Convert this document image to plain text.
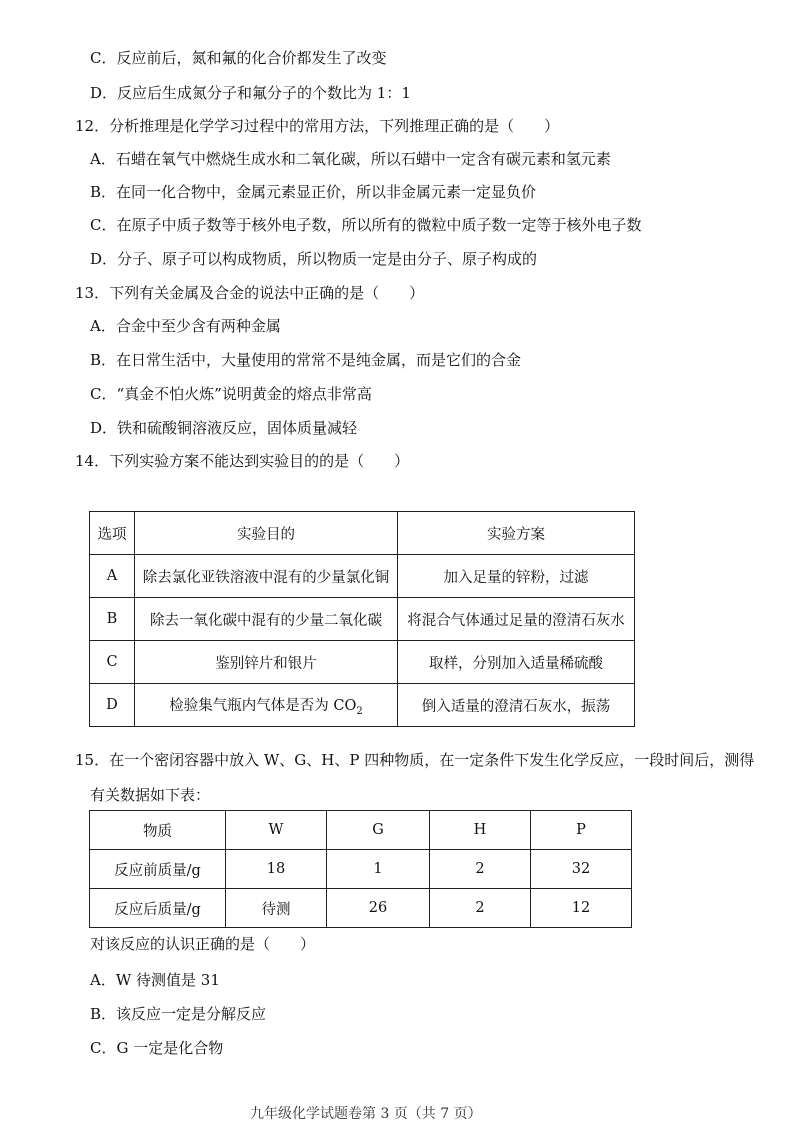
C．反应前后，氮和氟的化合价都发生了改变
D．反应后生成氮分子和氟分子的个数比为 1：1
12．分析推理是化学学习过程中的常用方法，下列推理正确的是（　　）
A．石蜡在氧气中燃烧生成水和二氧化碳，所以石蜡中一定含有碳元素和氢元素
B．在同一化合物中，金属元素显正价，所以非金属元素一定显负价
C．在原子中质子数等于核外电子数，所以所有的微粒中质子数一定等于核外电子数
D．分子、原子可以构成物质，所以物质一定是由分子、原子构成的
13．下列有关金属及合金的说法中正确的是（　　）
A．合金中至少含有两种金属
B．在日常生活中，大量使用的常常不是纯金属，而是它们的合金
C．“真金不怕火炼”说明黄金的熔点非常高
D．铁和硫酸铜溶液反应，固体质量减轻
14．下列实验方案不能达到实验目的的是（　　）
选项	实验目的	实验方案
A	除去氯化亚铁溶液中混有的少量氯化铜	加入足量的锌粉，过滤
B	除去一氧化碳中混有的少量二氧化碳	将混合气体通过足量的澄清石灰水
C	鉴别锌片和银片	取样，分别加入适量稀硫酸
D	检验集气瓶内气体是否为 $CO_2$	倒入适量的澄清石灰水，振荡
15．在一个密闭容器中放入 W、G、H、P 四种物质，在一定条件下发生化学反应，一段时间后，测得
有关数据如下表：
物质	W	G	H	P
反应前质量/g	18	1	2	32
反应后质量/g	待测	26	2	12
对该反应的认识正确的是（　　）
A．W 待测值是 31
B．该反应一定是分解反应
C．G 一定是化合物
九年级化学试题卷第 3 页（共 7 页）
